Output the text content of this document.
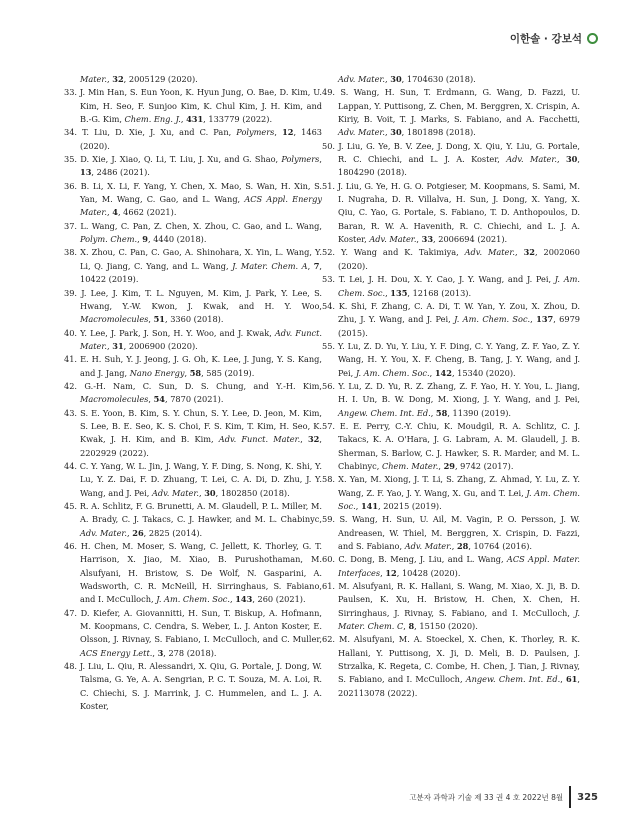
이한솔 · 강보석
Mater., 32, 2005129 (2020).
33. J. Min Han, S. Eun Yoon, K. Hyun Jung, O. Bae, D. Kim, U. Kim, H. Seo, F. Sunjoo Kim, K. Chul Kim, J. H. Kim, and B.-G. Kim, Chem. Eng. J., 431, 133779 (2022).
34. T. Liu, D. Xie, J. Xu, and C. Pan, Polymers, 12, 1463 (2020).
35. D. Xie, J. Xiao, Q. Li, T. Liu, J. Xu, and G. Shao, Polymers, 13, 2486 (2021).
36. B. Li, X. Li, F. Yang, Y. Chen, X. Mao, S. Wan, H. Xin, S. Yan, M. Wang, C. Gao, and L. Wang, ACS Appl. Energy Mater., 4, 4662 (2021).
37. L. Wang, C. Pan, Z. Chen, X. Zhou, C. Gao, and L. Wang, Polym. Chem., 9, 4440 (2018).
38. X. Zhou, C. Pan, C. Gao, A. Shinohara, X. Yin, L. Wang, Y. Li, Q. Jiang, C. Yang, and L. Wang, J. Mater. Chem. A, 7, 10422 (2019).
39. J. Lee, J. Kim, T. L. Nguyen, M. Kim, J. Park, Y. Lee, S. Hwang, Y.-W. Kwon, J. Kwak, and H. Y. Woo, Macromolecules, 51, 3360 (2018).
40. Y. Lee, J. Park, J. Son, H. Y. Woo, and J. Kwak, Adv. Funct. Mater., 31, 2006900 (2020).
41. E. H. Suh, Y. J. Jeong, J. G. Oh, K. Lee, J. Jung, Y. S. Kang, and J. Jang, Nano Energy, 58, 585 (2019).
42. G.-H. Nam, C. Sun, D. S. Chung, and Y.-H. Kim, Macromolecules, 54, 7870 (2021).
43. S. E. Yoon, B. Kim, S. Y. Chun, S. Y. Lee, D. Jeon, M. Kim, S. Lee, B. E. Seo, K. S. Choi, F. S. Kim, T. Kim, H. Seo, K. Kwak, J. H. Kim, and B. Kim, Adv. Funct. Mater., 32, 2202929 (2022).
44. C. Y. Yang, W. L. Jin, J. Wang, Y. F. Ding, S. Nong, K. Shi, Y. Lu, Y. Z. Dai, F. D. Zhuang, T. Lei, C. A. Di, D. Zhu, J. Y. Wang, and J. Pei, Adv. Mater., 30, 1802850 (2018).
45. R. A. Schlitz, F. G. Brunetti, A. M. Glaudell, P. L. Miller, M. A. Brady, C. J. Takacs, C. J. Hawker, and M. L. Chabinyc, Adv. Mater., 26, 2825 (2014).
46. H. Chen, M. Moser, S. Wang, C. Jellett, K. Thorley, G. T. Harrison, X. Jiao, M. Xiao, B. Purushothaman, M. Alsufyani, H. Bristow, S. De Wolf, N. Gasparini, A. Wadsworth, C. R. McNeill, H. Sirringhaus, S. Fabiano, and I. McCulloch, J. Am. Chem. Soc., 143, 260 (2021).
47. D. Kiefer, A. Giovannitti, H. Sun, T. Biskup, A. Hofmann, M. Koopmans, C. Cendra, S. Weber, L. J. Anton Koster, E. Olsson, J. Rivnay, S. Fabiano, I. McCulloch, and C. Muller, ACS Energy Lett., 3, 278 (2018).
48. J. Liu, L. Qiu, R. Alessandri, X. Qiu, G. Portale, J. Dong, W. Talsma, G. Ye, A. A. Sengrian, P. C. T. Souza, M. A. Loi, R. C. Chiechi, S. J. Marrink, J. C. Hummelen, and L. J. A. Koster,
Adv. Mater., 30, 1704630 (2018).
49. S. Wang, H. Sun, T. Erdmann, G. Wang, D. Fazzi, U. Lappan, Y. Puttisong, Z. Chen, M. Berggren, X. Crispin, A. Kiriy, B. Voit, T. J. Marks, S. Fabiano, and A. Facchetti, Adv. Mater., 30, 1801898 (2018).
50. J. Liu, G. Ye, B. V. Zee, J. Dong, X. Qiu, Y. Liu, G. Portale, R. C. Chiechi, and L. J. A. Koster, Adv. Mater., 30, 1804290 (2018).
51. J. Liu, G. Ye, H. G. O. Potgieser, M. Koopmans, S. Sami, M. I. Nugraha, D. R. Villalva, H. Sun, J. Dong, X. Yang, X. Qiu, C. Yao, G. Portale, S. Fabiano, T. D. Anthopoulos, D. Baran, R. W. A. Havenith, R. C. Chiechi, and L. J. A. Koster, Adv. Mater., 33, 2006694 (2021).
52. Y. Wang and K. Takimiya, Adv. Mater., 32, 2002060 (2020).
53. T. Lei, J. H. Dou, X. Y. Cao, J. Y. Wang, and J. Pei, J. Am. Chem. Soc., 135, 12168 (2013).
54. K. Shi, F. Zhang, C. A. Di, T. W. Yan, Y. Zou, X. Zhou, D. Zhu, J. Y. Wang, and J. Pei, J. Am. Chem. Soc., 137, 6979 (2015).
55. Y. Lu, Z. D. Yu, Y. Liu, Y. F. Ding, C. Y. Yang, Z. F. Yao, Z. Y. Wang, H. Y. You, X. F. Cheng, B. Tang, J. Y. Wang, and J. Pei, J. Am. Chem. Soc., 142, 15340 (2020).
56. Y. Lu, Z. D. Yu, R. Z. Zhang, Z. F. Yao, H. Y. You, L. Jiang, H. I. Un, B. W. Dong, M. Xiong, J. Y. Wang, and J. Pei, Angew. Chem. Int. Ed., 58, 11390 (2019).
57. E. E. Perry, C.-Y. Chiu, K. Moudgil, R. A. Schlitz, C. J. Takacs, K. A. O'Hara, J. G. Labram, A. M. Glaudell, J. B. Sherman, S. Barlow, C. J. Hawker, S. R. Marder, and M. L. Chabinyc, Chem. Mater., 29, 9742 (2017).
58. X. Yan, M. Xiong, J. T. Li, S. Zhang, Z. Ahmad, Y. Lu, Z. Y. Wang, Z. F. Yao, J. Y. Wang, X. Gu, and T. Lei, J. Am. Chem. Soc., 141, 20215 (2019).
59. S. Wang, H. Sun, U. Ail, M. Vagin, P. O. Persson, J. W. Andreasen, W. Thiel, M. Berggren, X. Crispin, D. Fazzi, and S. Fabiano, Adv. Mater., 28, 10764 (2016).
60. C. Dong, B. Meng, J. Liu, and L. Wang, ACS Appl. Mater. Interfaces, 12, 10428 (2020).
61. M. Alsufyani, R. K. Hallani, S. Wang, M. Xiao, X. Ji, B. D. Paulsen, K. Xu, H. Bristow, H. Chen, X. Chen, H. Sirringhaus, J. Rivnay, S. Fabiano, and I. McCulloch, J. Mater. Chem. C, 8, 15150 (2020).
62. M. Alsufyani, M. A. Stoeckel, X. Chen, K. Thorley, R. K. Hallani, Y. Puttisong, X. Ji, D. Meli, B. D. Paulsen, J. Strzalka, K. Regeta, C. Combe, H. Chen, J. Tian, J. Rivnay, S. Fabiano, and I. McCulloch, Angew. Chem. Int. Ed., 61, 202113078 (2022).
고분자 과학과 기술 제 33 권 4 호 2022년 8월 325
